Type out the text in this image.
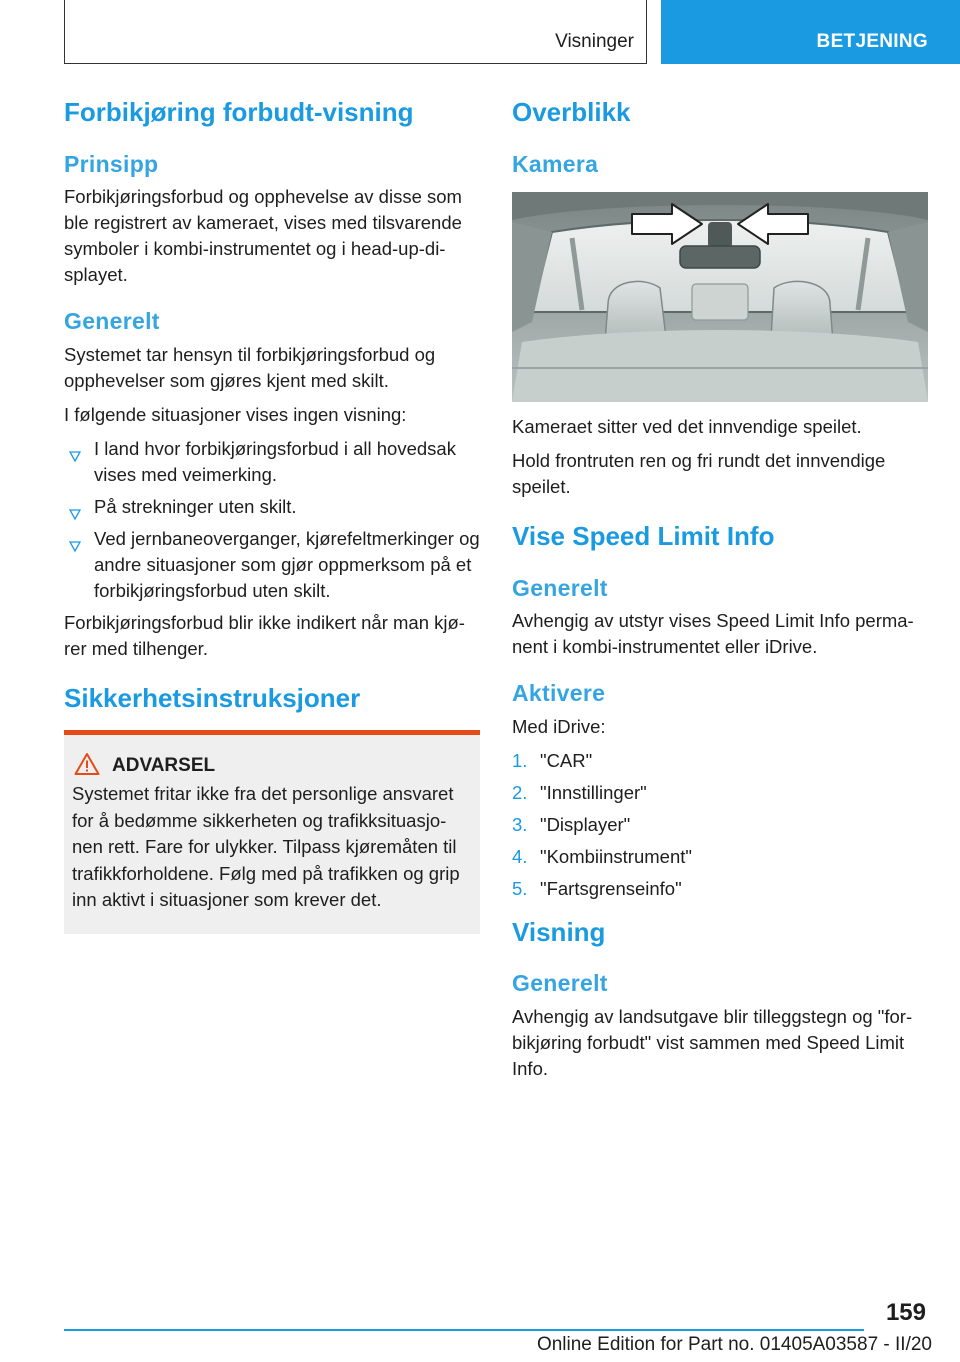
Visninger	BETJENING
Forbikjøring forbudt-visning
Prinsipp

Forbikjøringsforbud og opphevelse av disse som ble registrert av kameraet, vises med tilsvarende symboler i kombi-instrumentet og i head-up-di-splayet.

Generelt

Systemet tar hensyn til forbikjøringsforbud og opphevelser som gjøres kjent med skilt.

I følgende situasjoner vises ingen visning:

I land hvor forbikjøringsforbud i all hovedsak vises med veimerking.
På strekninger uten skilt.
Ved jernbaneoverganger, kjørefeltmerkinger og andre situasjoner som gjør oppmerksom på et forbikjøringsforbud uten skilt.

Forbikjøringsforbud blir ikke indikert når man kjø-rer med tilhenger.

Sikkerhetsinstruksjoner
ADVARSEL

Systemet fritar ikke fra det personlige ansvaret for å bedømme sikkerheten og trafikksituasjo-nen rett. Fare for ulykker. Tilpass kjøremåten til trafikkforholdene. Følg med på trafikken og grip inn aktivt i situasjoner som krever det.

Overblikk
Kamera

Kameraet sitter ved det innvendige speilet.

Hold frontruten ren og fri rundt det innvendige speilet.

Vise Speed Limit Info
Generelt

Avhengig av utstyr vises Speed Limit Info perma-nent i kombi-instrumentet eller iDrive.

Aktivere

Med iDrive:

1. "CAR"
2. "Innstillinger"
3. "Displayer"
4. "Kombiinstrument"
5. "Fartsgrenseinfo"
Visning
Generelt

Avhengig av landsutgave blir tilleggstegn og "for-bikjøring forbudt" vist sammen med Speed Limit Info.

159
Online Edition for Part no. 01405A03587 - II/20
